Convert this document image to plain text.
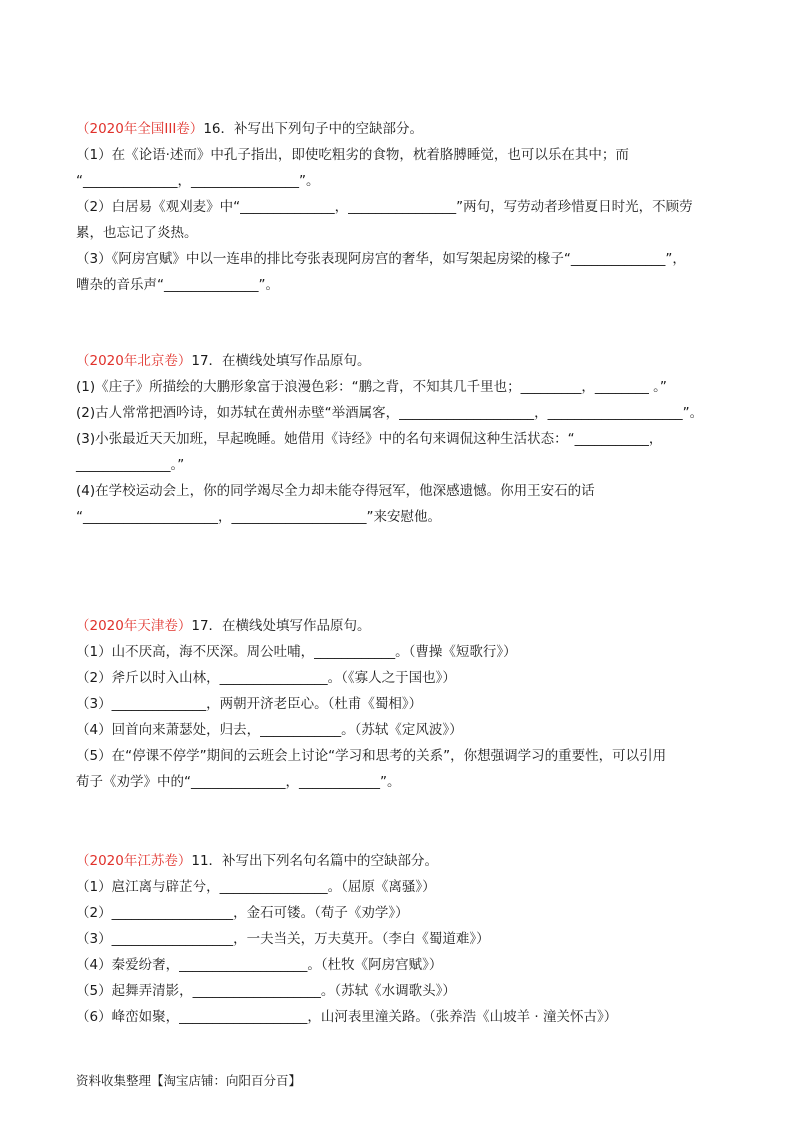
（2020年全国III卷）16．补写出下列句子中的空缺部分。
（1）在《论语·述而》中孔子指出，即使吃粗劣的食物，枕着胳膊睡觉，也可以乐在其中；而
“______________，________________”。
（2）白居易《观刈麦》中“______________，________________”两句，写劳动者珍惜夏日时光，不顾劳
累，也忘记了炎热。
（3）《阿房宫赋》中以一连串的排比夸张表现阿房宫的奢华，如写架起房梁的椽子“______________”，
嘈杂的音乐声“______________”。
（2020年北京卷）17．在横线处填写作品原句。
(1)《庄子》所描绘的大鹏形象富于浪漫色彩：“鹏之背，不知其几千里也；_________，________ 。”
(2)古人常常把酒吟诗，如苏轼在黄州赤壁“举酒属客，____________________，____________________”。
(3)小张最近天天加班，早起晚睡。她借用《诗经》中的名句来调侃这种生活状态：“___________，
______________。”
(4)在学校运动会上，你的同学竭尽全力却未能夺得冠军，他深感遗憾。你用王安石的话
“____________________，____________________”来安慰他。
（2020年天津卷）17．在横线处填写作品原句。
（1）山不厌高，海不厌深。周公吐哺，____________。（曹操《短歌行》）
（2）斧斤以时入山林，________________。（《寡人之于国也》）
（3）______________，两朝开济老臣心。（杜甫《蜀相》）
（4）回首向来萧瑟处，归去，____________。（苏轼《定风波》）
（5）在“停课不停学”期间的云班会上讨论“学习和思考的关系”，你想强调学习的重要性，可以引用
荀子《劝学》中的“______________，____________”。
（2020年江苏卷）11．补写出下列名句名篇中的空缺部分。
（1）扈江离与辟芷兮，________________。（屈原《离骚》）
（2）__________________，金石可镂。（荀子《劝学》）
（3）__________________，一夫当关，万夫莫开。（李白《蜀道难》）
（4）秦爱纷奢，___________________。（杜牧《阿房宫赋》）
（5）起舞弄清影，___________________。（苏轼《水调歌头》）
（6）峰峦如聚，___________________，山河表里潼关路。（张养浩《山坡羊 · 潼关怀古》）
资料收集整理【淘宝店铺：向阳百分百】
